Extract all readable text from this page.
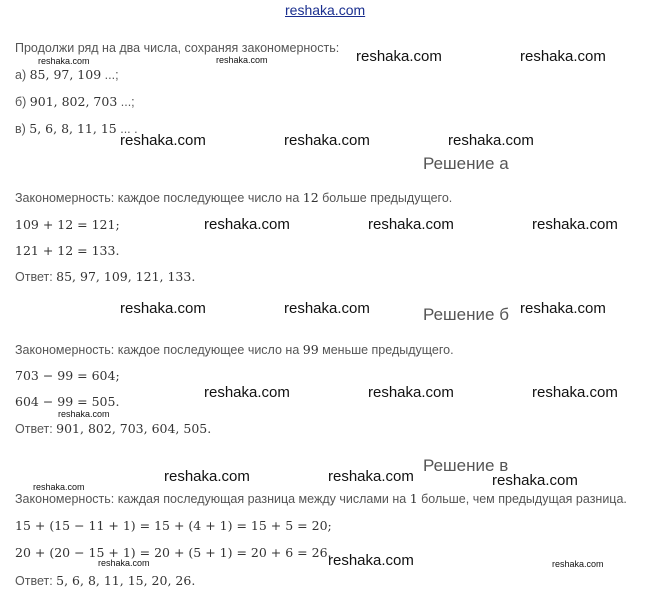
reshaka.com
Продолжи ряд на два числа, сохраняя закономерность:
а) 85, 97, 109 ...;
б) 901, 802, 703 ...;
в) 5, 6, 8, 11, 15 ... .
Решение а
Закономерность: каждое последующее число на 12 больше предыдущего.
109 + 12 = 121;
121 + 12 = 133.
Ответ: 85, 97, 109, 121, 133.
Решение б
Закономерность: каждое последующее число на 99 меньше предыдущего.
703 − 99 = 604;
604 − 99 = 505.
Ответ: 901, 802, 703, 604, 505.
Решение в
Закономерность: каждая последующая разница между числами на 1 больше, чем предыдущая разница.
15 + (15 − 11 + 1) = 15 + (4 + 1) = 15 + 5 = 20;
20 + (20 − 15 + 1) = 20 + (5 + 1) = 20 + 6 = 26.
Ответ: 5, 6, 8, 11, 15, 20, 26.
reshaka.com	reshaka.com	reshaka.com	reshaka.com
reshaka.com	reshaka.com	reshaka.com
reshaka.com	reshaka.com	reshaka.com
reshaka.com	reshaka.com	reshaka.com
reshaka.com	reshaka.com	reshaka.com
reshaka.com
reshaka.com	reshaka.com	reshaka.com
reshaka.com
reshaka.com
reshaka.com	reshaka.com
